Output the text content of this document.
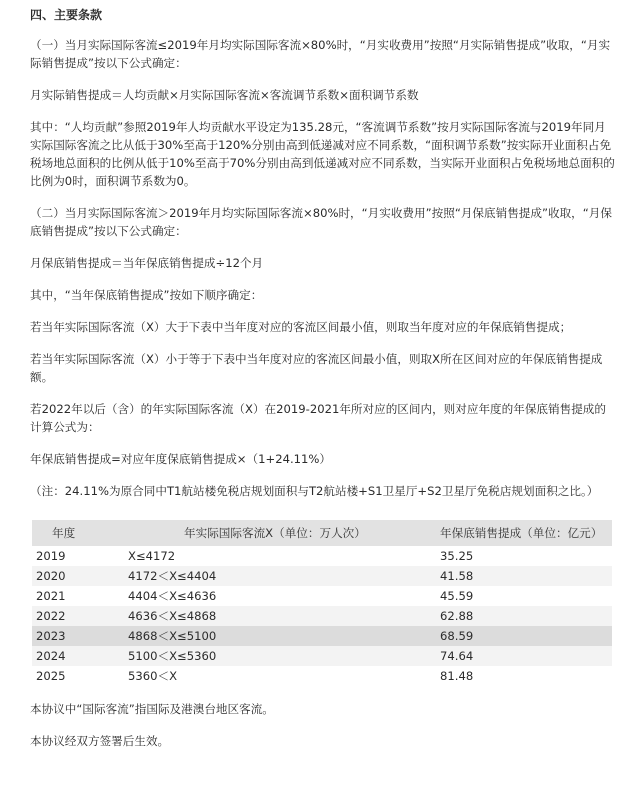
四、主要条款

（一）当月实际国际客流≤2019年月均实际国际客流×80%时，“月实收费用”按照“月实际销售提成”收取，“月实际销售提成”按以下公式确定：

月实际销售提成＝人均贡献×月实际国际客流×客流调节系数×面积调节系数

其中：“人均贡献”参照2019年人均贡献水平设定为135.28元，“客流调节系数”按月实际国际客流与2019年同月实际国际客流之比从低于30%至高于120%分别由高到低递减对应不同系数，“面积调节系数”按实际开业面积占免税场地总面积的比例从低于10%至高于70%分别由高到低递减对应不同系数，当实际开业面积占免税场地总面积的比例为0时，面积调节系数为0。

（二）当月实际国际客流＞2019年月均实际国际客流×80%时，“月实收费用”按照“月保底销售提成”收取，“月保底销售提成”按以下公式确定：

月保底销售提成＝当年保底销售提成÷12个月

其中，“当年保底销售提成”按如下顺序确定：

若当年实际国际客流（X）大于下表中当年度对应的客流区间最小值，则取当年度对应的年保底销售提成；

若当年实际国际客流（X）小于等于下表中当年度对应的客流区间最小值，则取X所在区间对应的年保底销售提成额。

若2022年以后（含）的年实际国际客流（X）在2019-2021年所对应的区间内，则对应年度的年保底销售提成的计算公式为：

年保底销售提成=对应年度保底销售提成×（1+24.11%）

（注：24.11%为原合同中T1航站楼免税店规划面积与T2航站楼+S1卫星厅+S2卫星厅免税店规划面积之比。）

年度	年实际国际客流X（单位：万人次）	年保底销售提成（单位：亿元）
2019	X≤4172	35.25
2020	4172＜X≤4404	41.58
2021	4404＜X≤4636	45.59
2022	4636＜X≤4868	62.88
2023	4868＜X≤5100	68.59
2024	5100＜X≤5360	74.64
2025	5360＜X	81.48

本协议中“国际客流”指国际及港澳台地区客流。

本协议经双方签署后生效。
